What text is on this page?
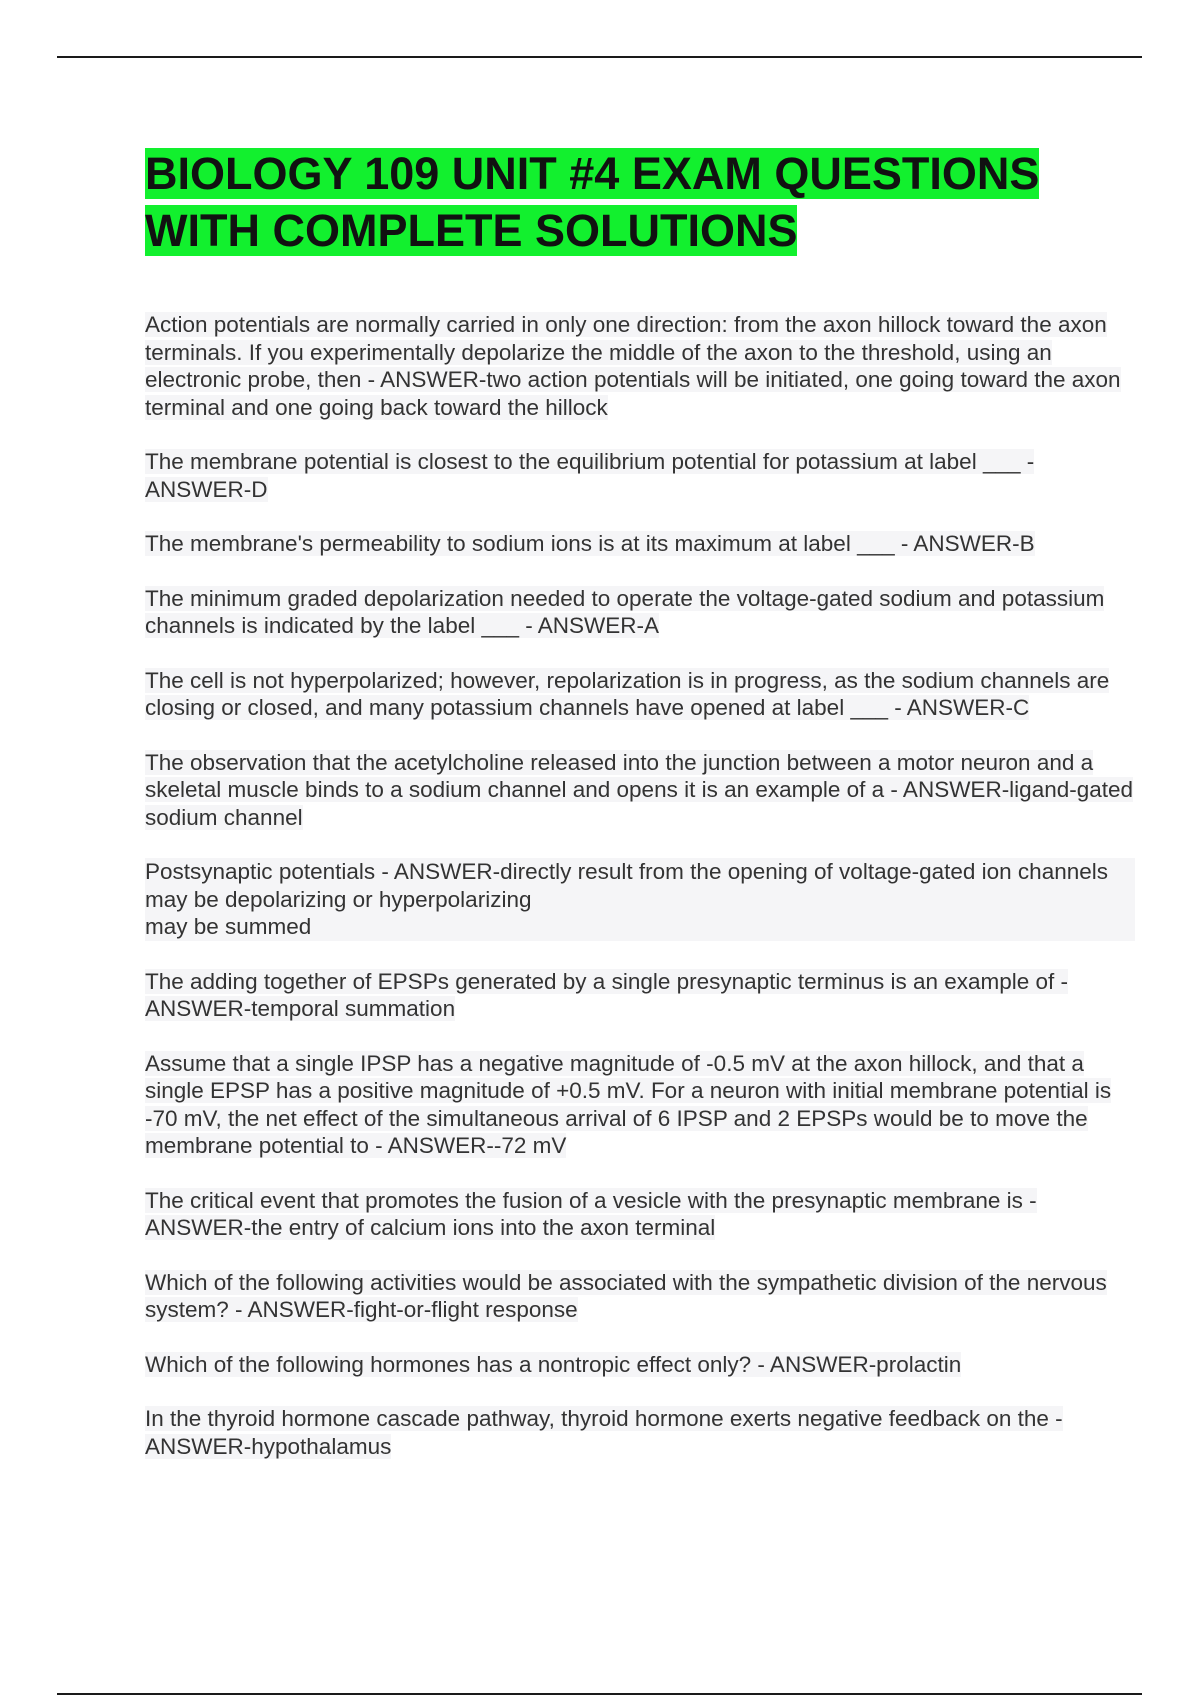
BIOLOGY 109 UNIT #4 EXAM QUESTIONS WITH COMPLETE SOLUTIONS

Action potentials are normally carried in only one direction: from the axon hillock toward the axon terminals. If you experimentally depolarize the middle of the axon to the threshold, using an electronic probe, then - ANSWER-two action potentials will be initiated, one going toward the axon terminal and one going back toward the hillock

The membrane potential is closest to the equilibrium potential for potassium at label ___ - ANSWER-D

The membrane's permeability to sodium ions is at its maximum at label ___ - ANSWER-B

The minimum graded depolarization needed to operate the voltage-gated sodium and potassium channels is indicated by the label ___ - ANSWER-A

The cell is not hyperpolarized; however, repolarization is in progress, as the sodium channels are closing or closed, and many potassium channels have opened at label ___ - ANSWER-C

The observation that the acetylcholine released into the junction between a motor neuron and a skeletal muscle binds to a sodium channel and opens it is an example of a - ANSWER-ligand-gated sodium channel

Postsynaptic potentials - ANSWER-directly result from the opening of voltage-gated ion channels
may be depolarizing or hyperpolarizing
may be summed

The adding together of EPSPs generated by a single presynaptic terminus is an example of - ANSWER-temporal summation

Assume that a single IPSP has a negative magnitude of -0.5 mV at the axon hillock, and that a single EPSP has a positive magnitude of +0.5 mV. For a neuron with initial membrane potential is -70 mV, the net effect of the simultaneous arrival of 6 IPSP and 2 EPSPs would be to move the membrane potential to - ANSWER--72 mV

The critical event that promotes the fusion of a vesicle with the presynaptic membrane is - ANSWER-the entry of calcium ions into the axon terminal

Which of the following activities would be associated with the sympathetic division of the nervous system? - ANSWER-fight-or-flight response

Which of the following hormones has a nontropic effect only? - ANSWER-prolactin

In the thyroid hormone cascade pathway, thyroid hormone exerts negative feedback on the - ANSWER-hypothalamus
